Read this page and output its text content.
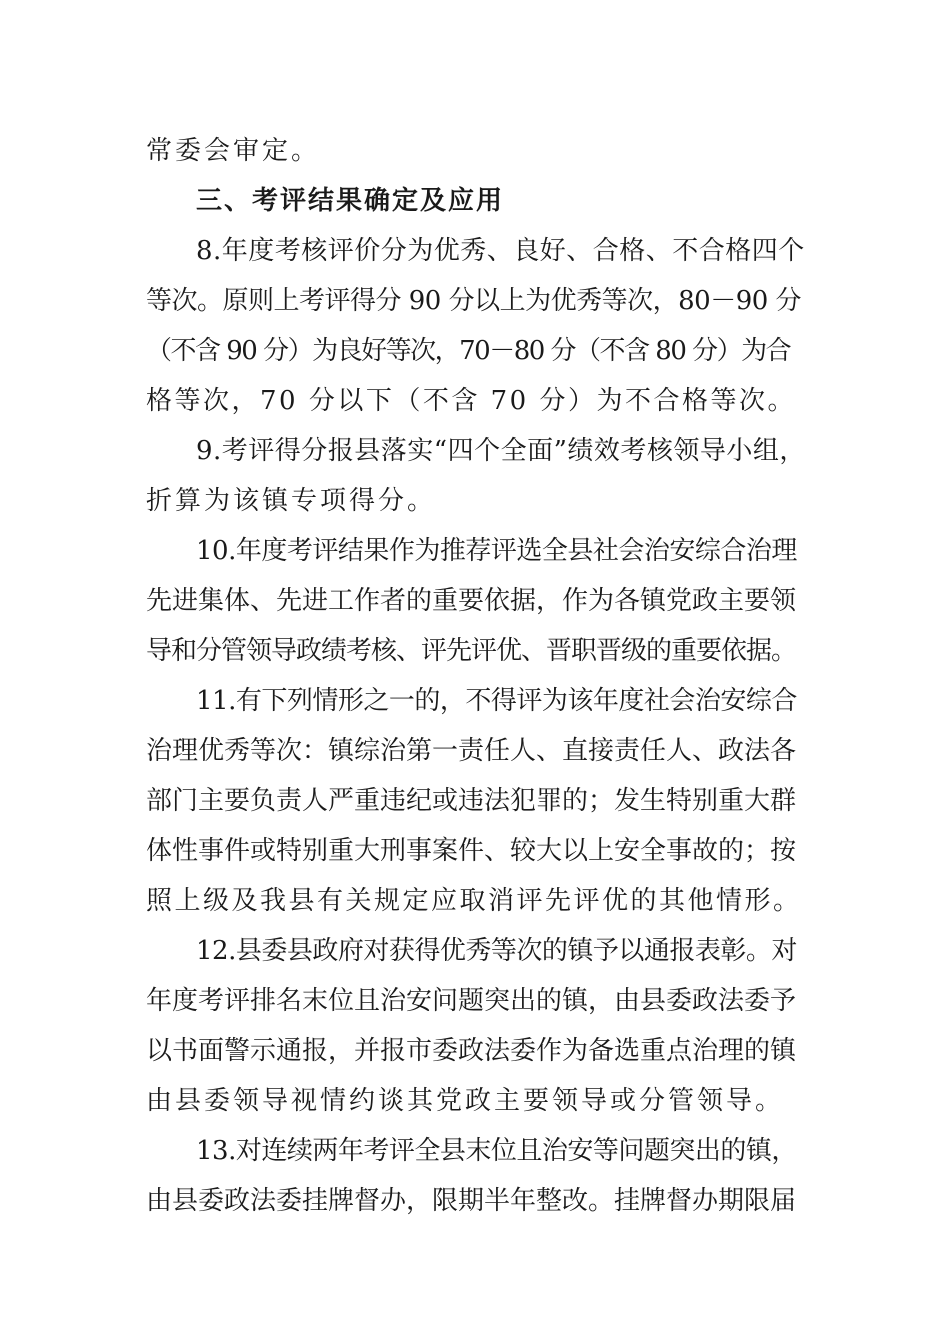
常委会审定。
三、考评结果确定及应用
8.年度考核评价分为优秀、良好、合格、不合格四个
等次。原则上考评得分 90 分以上为优秀等次，80－90 分
（不含 90 分）为良好等次，70－80 分（不含 80 分）为合
格等次，70 分以下（不含 70 分）为不合格等次。
9.考评得分报县落实“四个全面”绩效考核领导小组，
折算为该镇专项得分。
10.年度考评结果作为推荐评选全县社会治安综合治理
先进集体、先进工作者的重要依据，作为各镇党政主要领
导和分管领导政绩考核、评先评优、晋职晋级的重要依据。
11.有下列情形之一的，不得评为该年度社会治安综合
治理优秀等次：镇综治第一责任人、直接责任人、政法各
部门主要负责人严重违纪或违法犯罪的；发生特别重大群
体性事件或特别重大刑事案件、较大以上安全事故的；按
照上级及我县有关规定应取消评先评优的其他情形。
12.县委县政府对获得优秀等次的镇予以通报表彰。对
年度考评排名末位且治安问题突出的镇，由县委政法委予
以书面警示通报，并报市委政法委作为备选重点治理的镇
由县委领导视情约谈其党政主要领导或分管领导。
13.对连续两年考评全县末位且治安等问题突出的镇，
由县委政法委挂牌督办，限期半年整改。挂牌督办期限届
